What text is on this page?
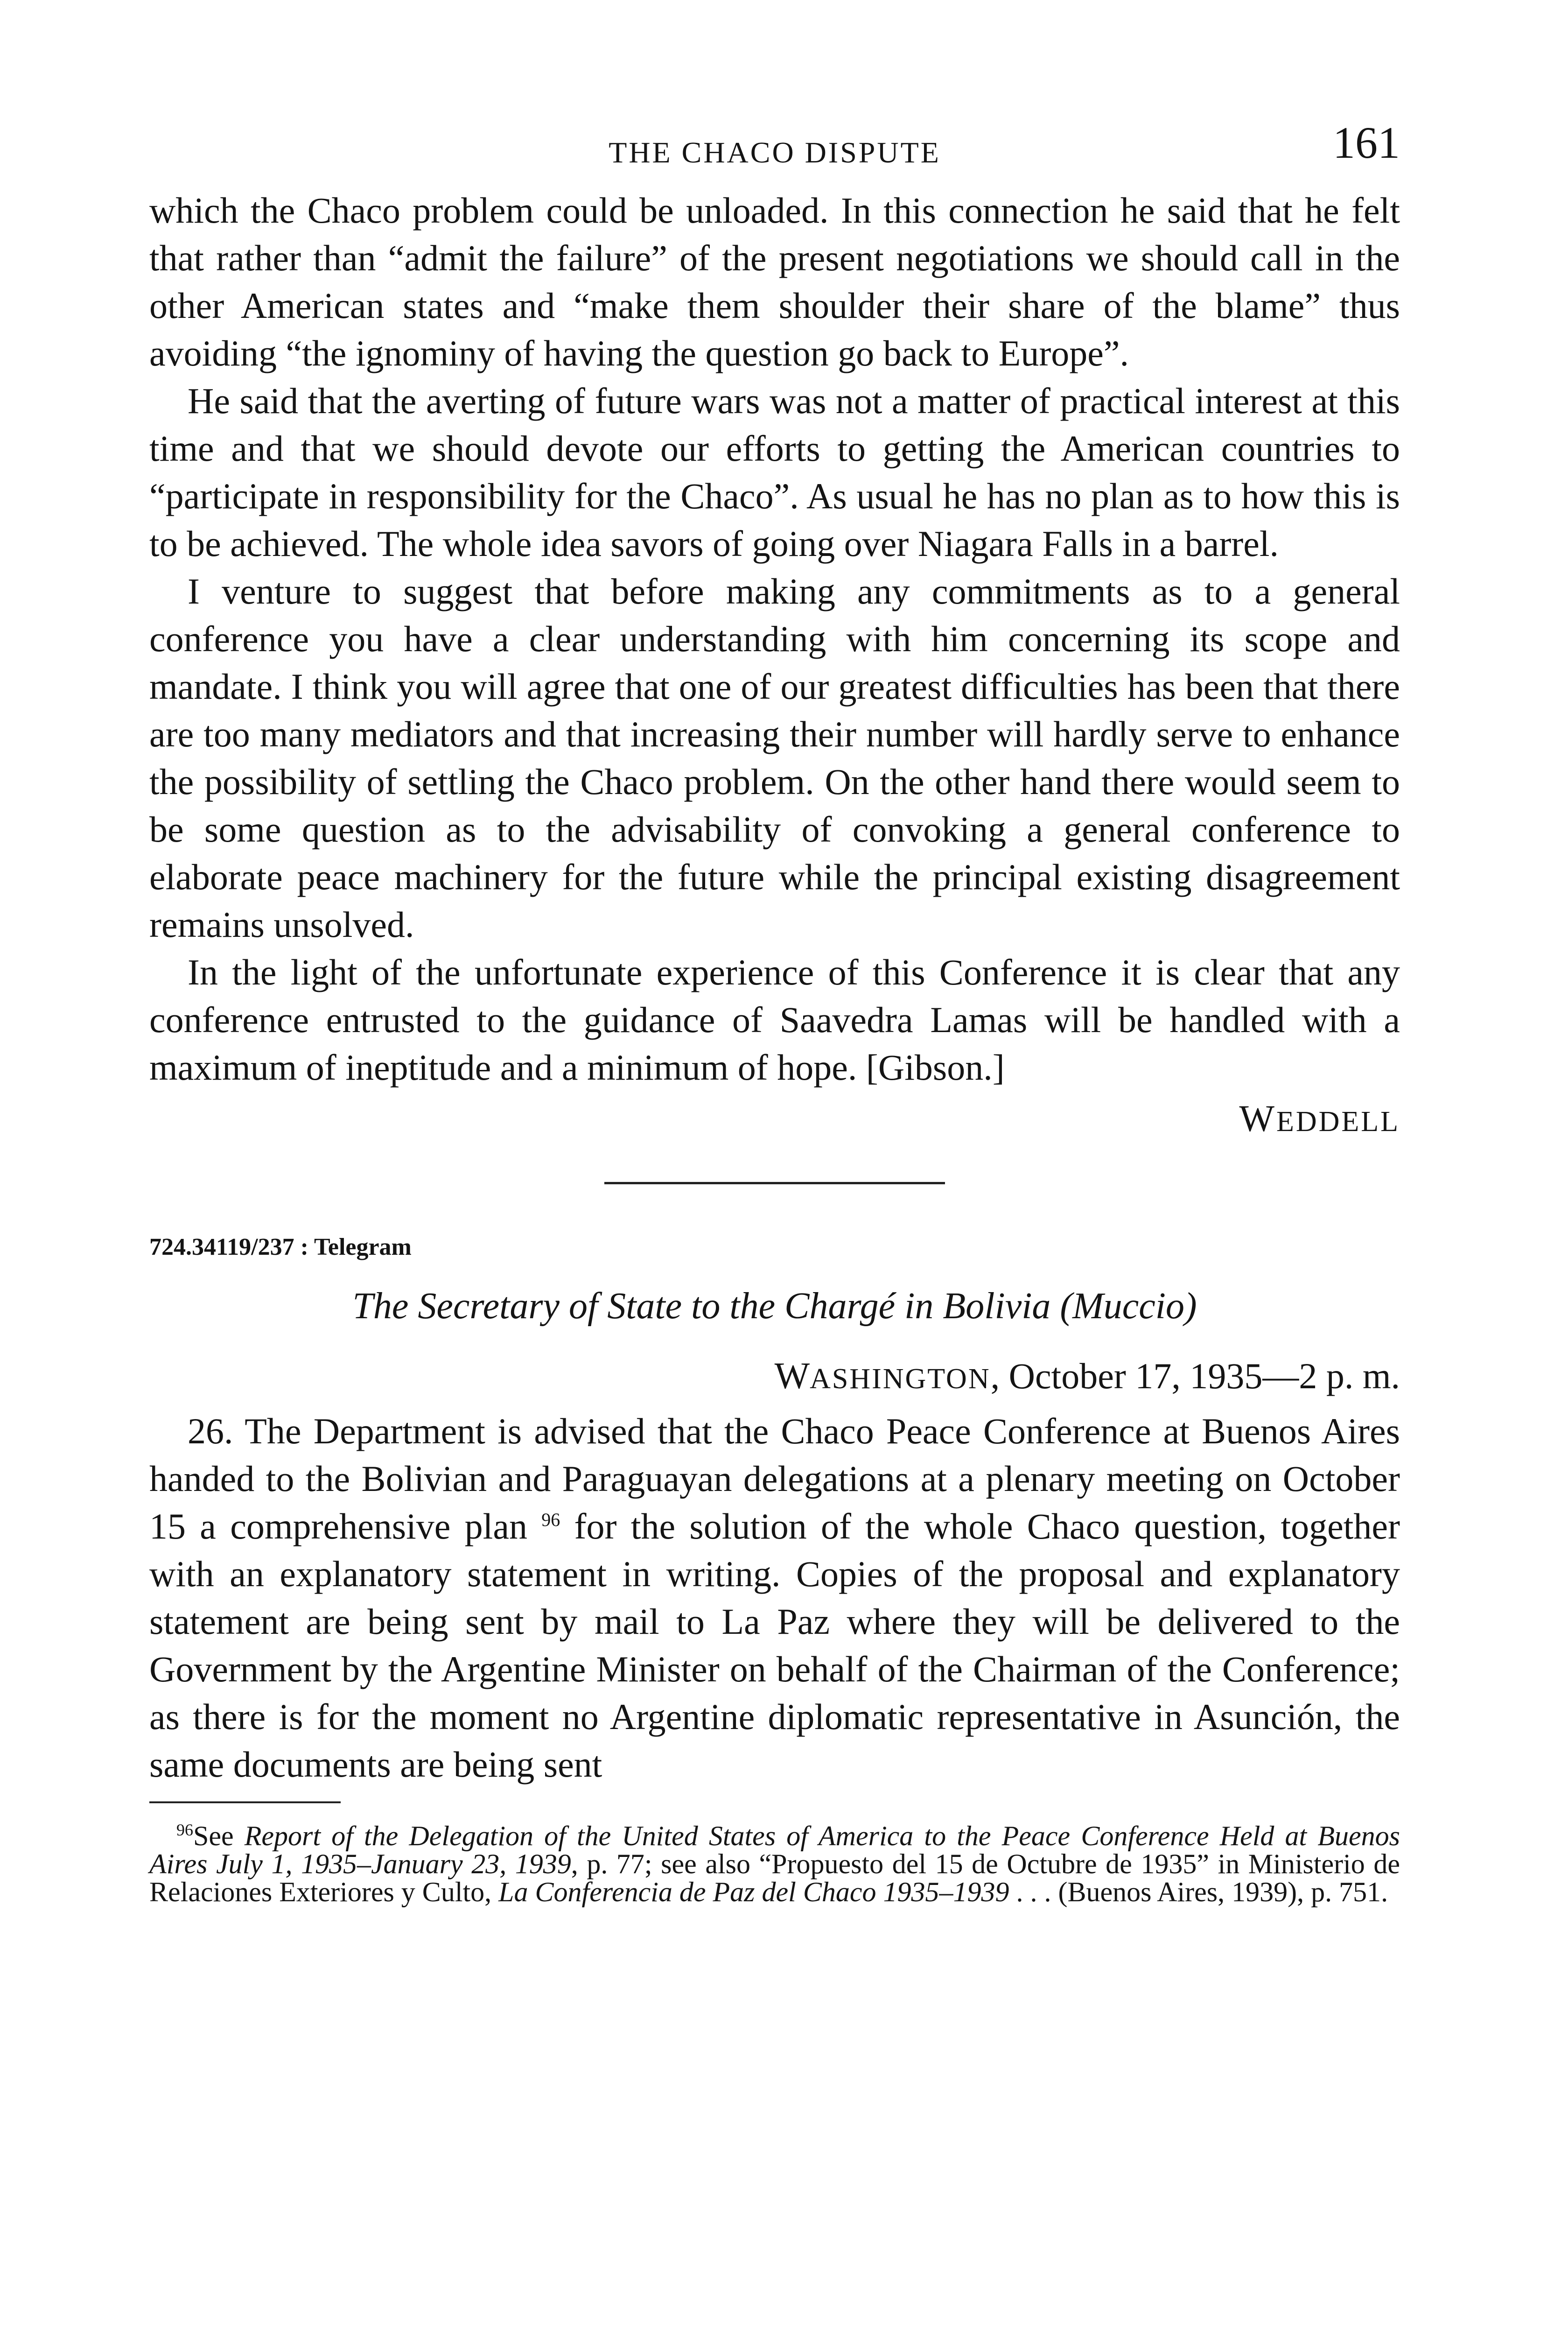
THE CHACO DISPUTE	161

which the Chaco problem could be unloaded. In this connection he said that he felt that rather than “admit the failure” of the present negotiations we should call in the other American states and “make them shoulder their share of the blame” thus avoiding “the ignominy of having the question go back to Europe”.

He said that the averting of future wars was not a matter of practical interest at this time and that we should devote our efforts to getting the American countries to “participate in responsibility for the Chaco”. As usual he has no plan as to how this is to be achieved. The whole idea savors of going over Niagara Falls in a barrel.

I venture to suggest that before making any commitments as to a general conference you have a clear understanding with him concerning its scope and mandate. I think you will agree that one of our greatest difficulties has been that there are too many mediators and that increasing their number will hardly serve to enhance the possibility of settling the Chaco problem. On the other hand there would seem to be some question as to the advisability of convoking a general conference to elaborate peace machinery for the future while the principal existing disagreement remains unsolved.

In the light of the unfortunate experience of this Conference it is clear that any conference entrusted to the guidance of Saavedra Lamas will be handled with a maximum of ineptitude and a minimum of hope. [Gibson.]

WEDDELL
724.34119/237 : Telegram
The Secretary of State to the Chargé in Bolivia (Muccio)
WASHINGTON, October 17, 1935—2 p. m.

26. The Department is advised that the Chaco Peace Conference at Buenos Aires handed to the Bolivian and Paraguayan delegations at a plenary meeting on October 15 a comprehensive plan $^{96}$ for the solution of the whole Chaco question, together with an explanatory statement in writing. Copies of the proposal and explanatory statement are being sent by mail to La Paz where they will be delivered to the Government by the Argentine Minister on behalf of the Chairman of the Conference; as there is for the moment no Argentine diplomatic representative in Asunción, the same documents are being sent

$^{96}$See Report of the Delegation of the United States of America to the Peace Conference Held at Buenos Aires July 1, 1935–January 23, 1939, p. 77; see also “Propuesto del 15 de Octubre de 1935” in Ministerio de Relaciones Exteriores y Culto, La Conferencia de Paz del Chaco 1935–1939 . . . (Buenos Aires, 1939), p. 751.
